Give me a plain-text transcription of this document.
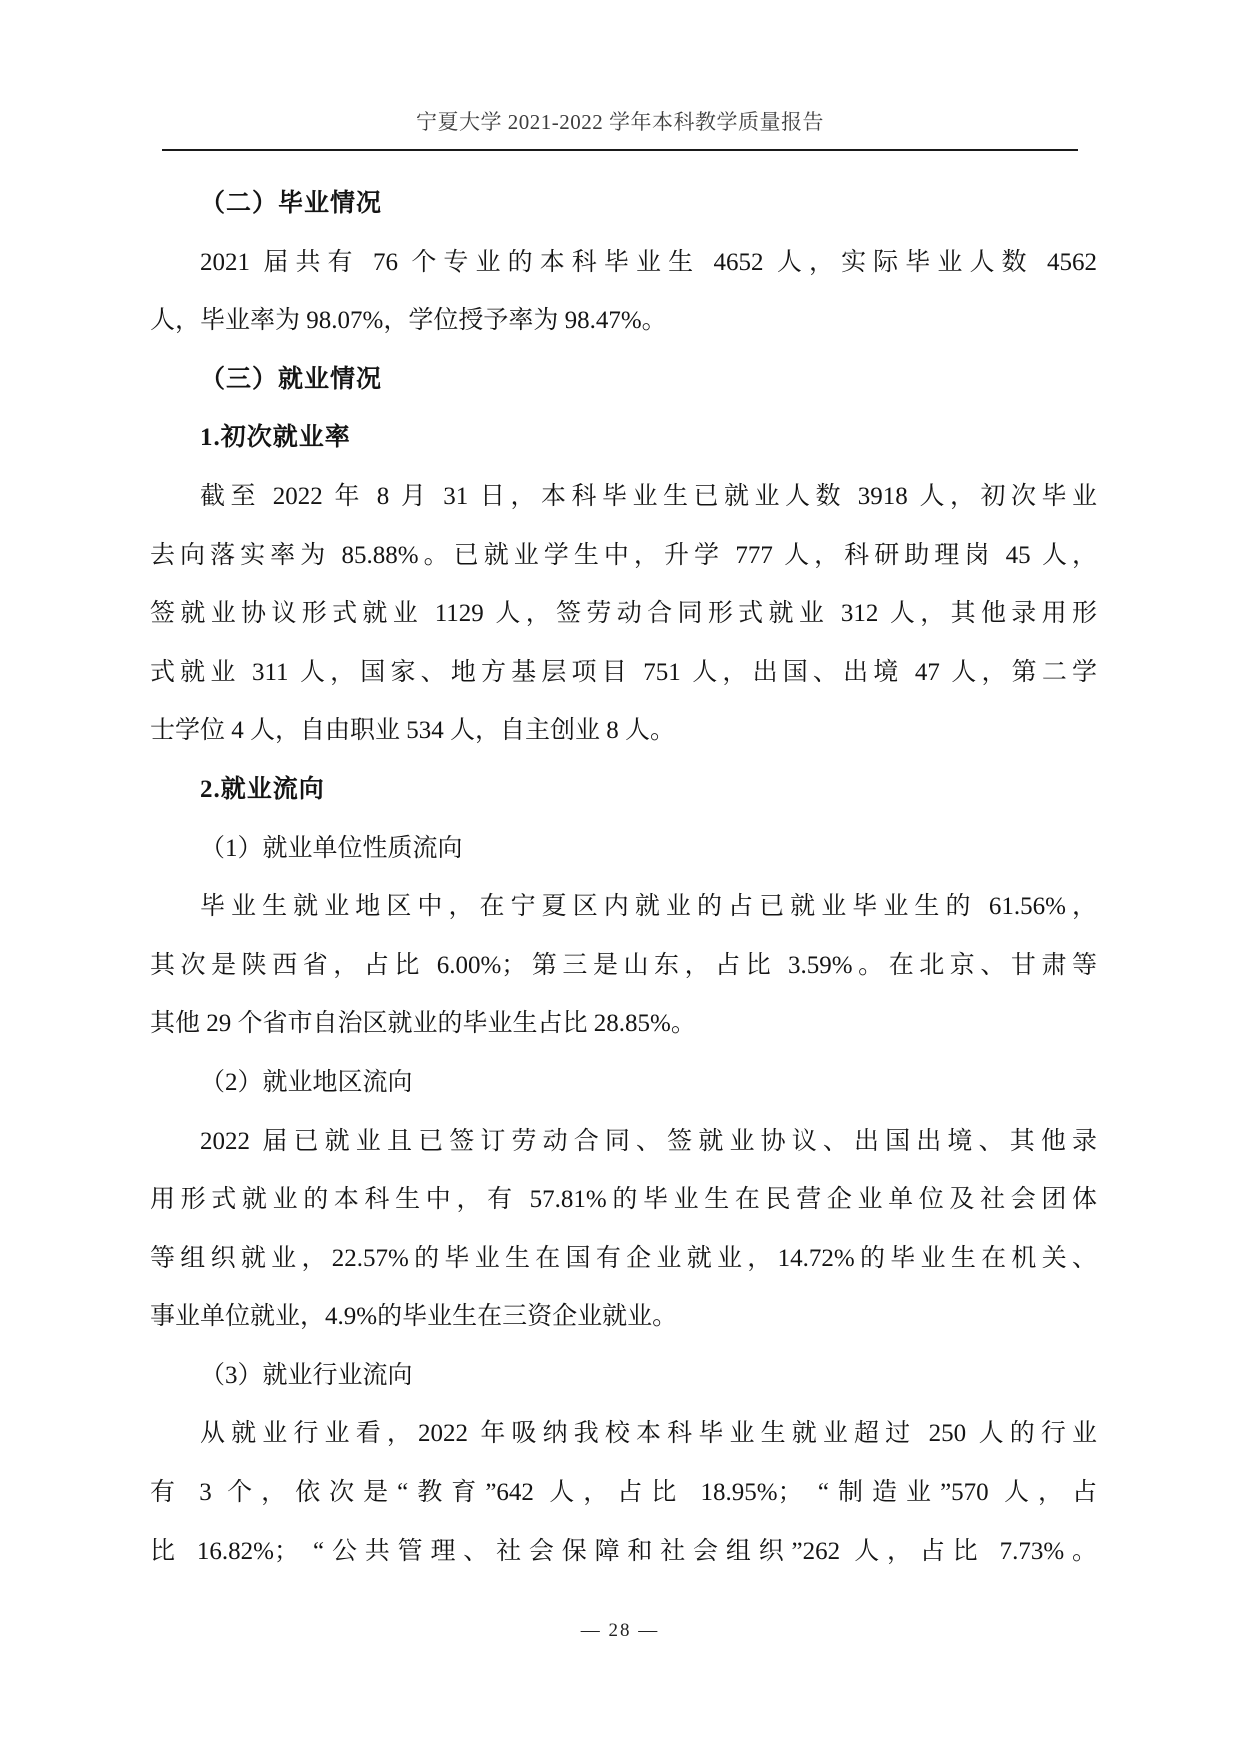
宁夏大学 2021-2022 学年本科教学质量报告
（二）毕业情况
2021 届共有 76 个专业的本科毕业生 4652 人，实际毕业人数 4562
人，毕业率为 98.07%，学位授予率为 98.47%。
（三）就业情况
1.初次就业率
截至 2022 年 8 月 31 日，本科毕业生已就业人数 3918 人，初次毕业
去向落实率为 85.88%。已就业学生中，升学 777 人，科研助理岗 45 人，
签就业协议形式就业 1129 人，签劳动合同形式就业 312 人，其他录用形
式就业 311 人，国家、地方基层项目 751 人，出国、出境 47 人，第二学
士学位 4 人，自由职业 534 人，自主创业 8 人。
2.就业流向
（1）就业单位性质流向
毕业生就业地区中，在宁夏区内就业的占已就业毕业生的 61.56%，
其次是陕西省，占比 6.00%；第三是山东，占比 3.59%。在北京、甘肃等
其他 29 个省市自治区就业的毕业生占比 28.85%。
（2）就业地区流向
2022 届已就业且已签订劳动合同、签就业协议、出国出境、其他录
用形式就业的本科生中，有 57.81%的毕业生在民营企业单位及社会团体
等组织就业，22.57%的毕业生在国有企业就业，14.72%的毕业生在机关、
事业单位就业，4.9%的毕业生在三资企业就业。
（3）就业行业流向
从就业行业看，2022 年吸纳我校本科毕业生就业超过 250 人的行业
有 3 个，依次是“教育”642 人，占比 18.95%； “制造业”570 人，占
比 16.82%； “公共管理、社会保障和社会组织”262 人，占比 7.73%。
— 28 —
